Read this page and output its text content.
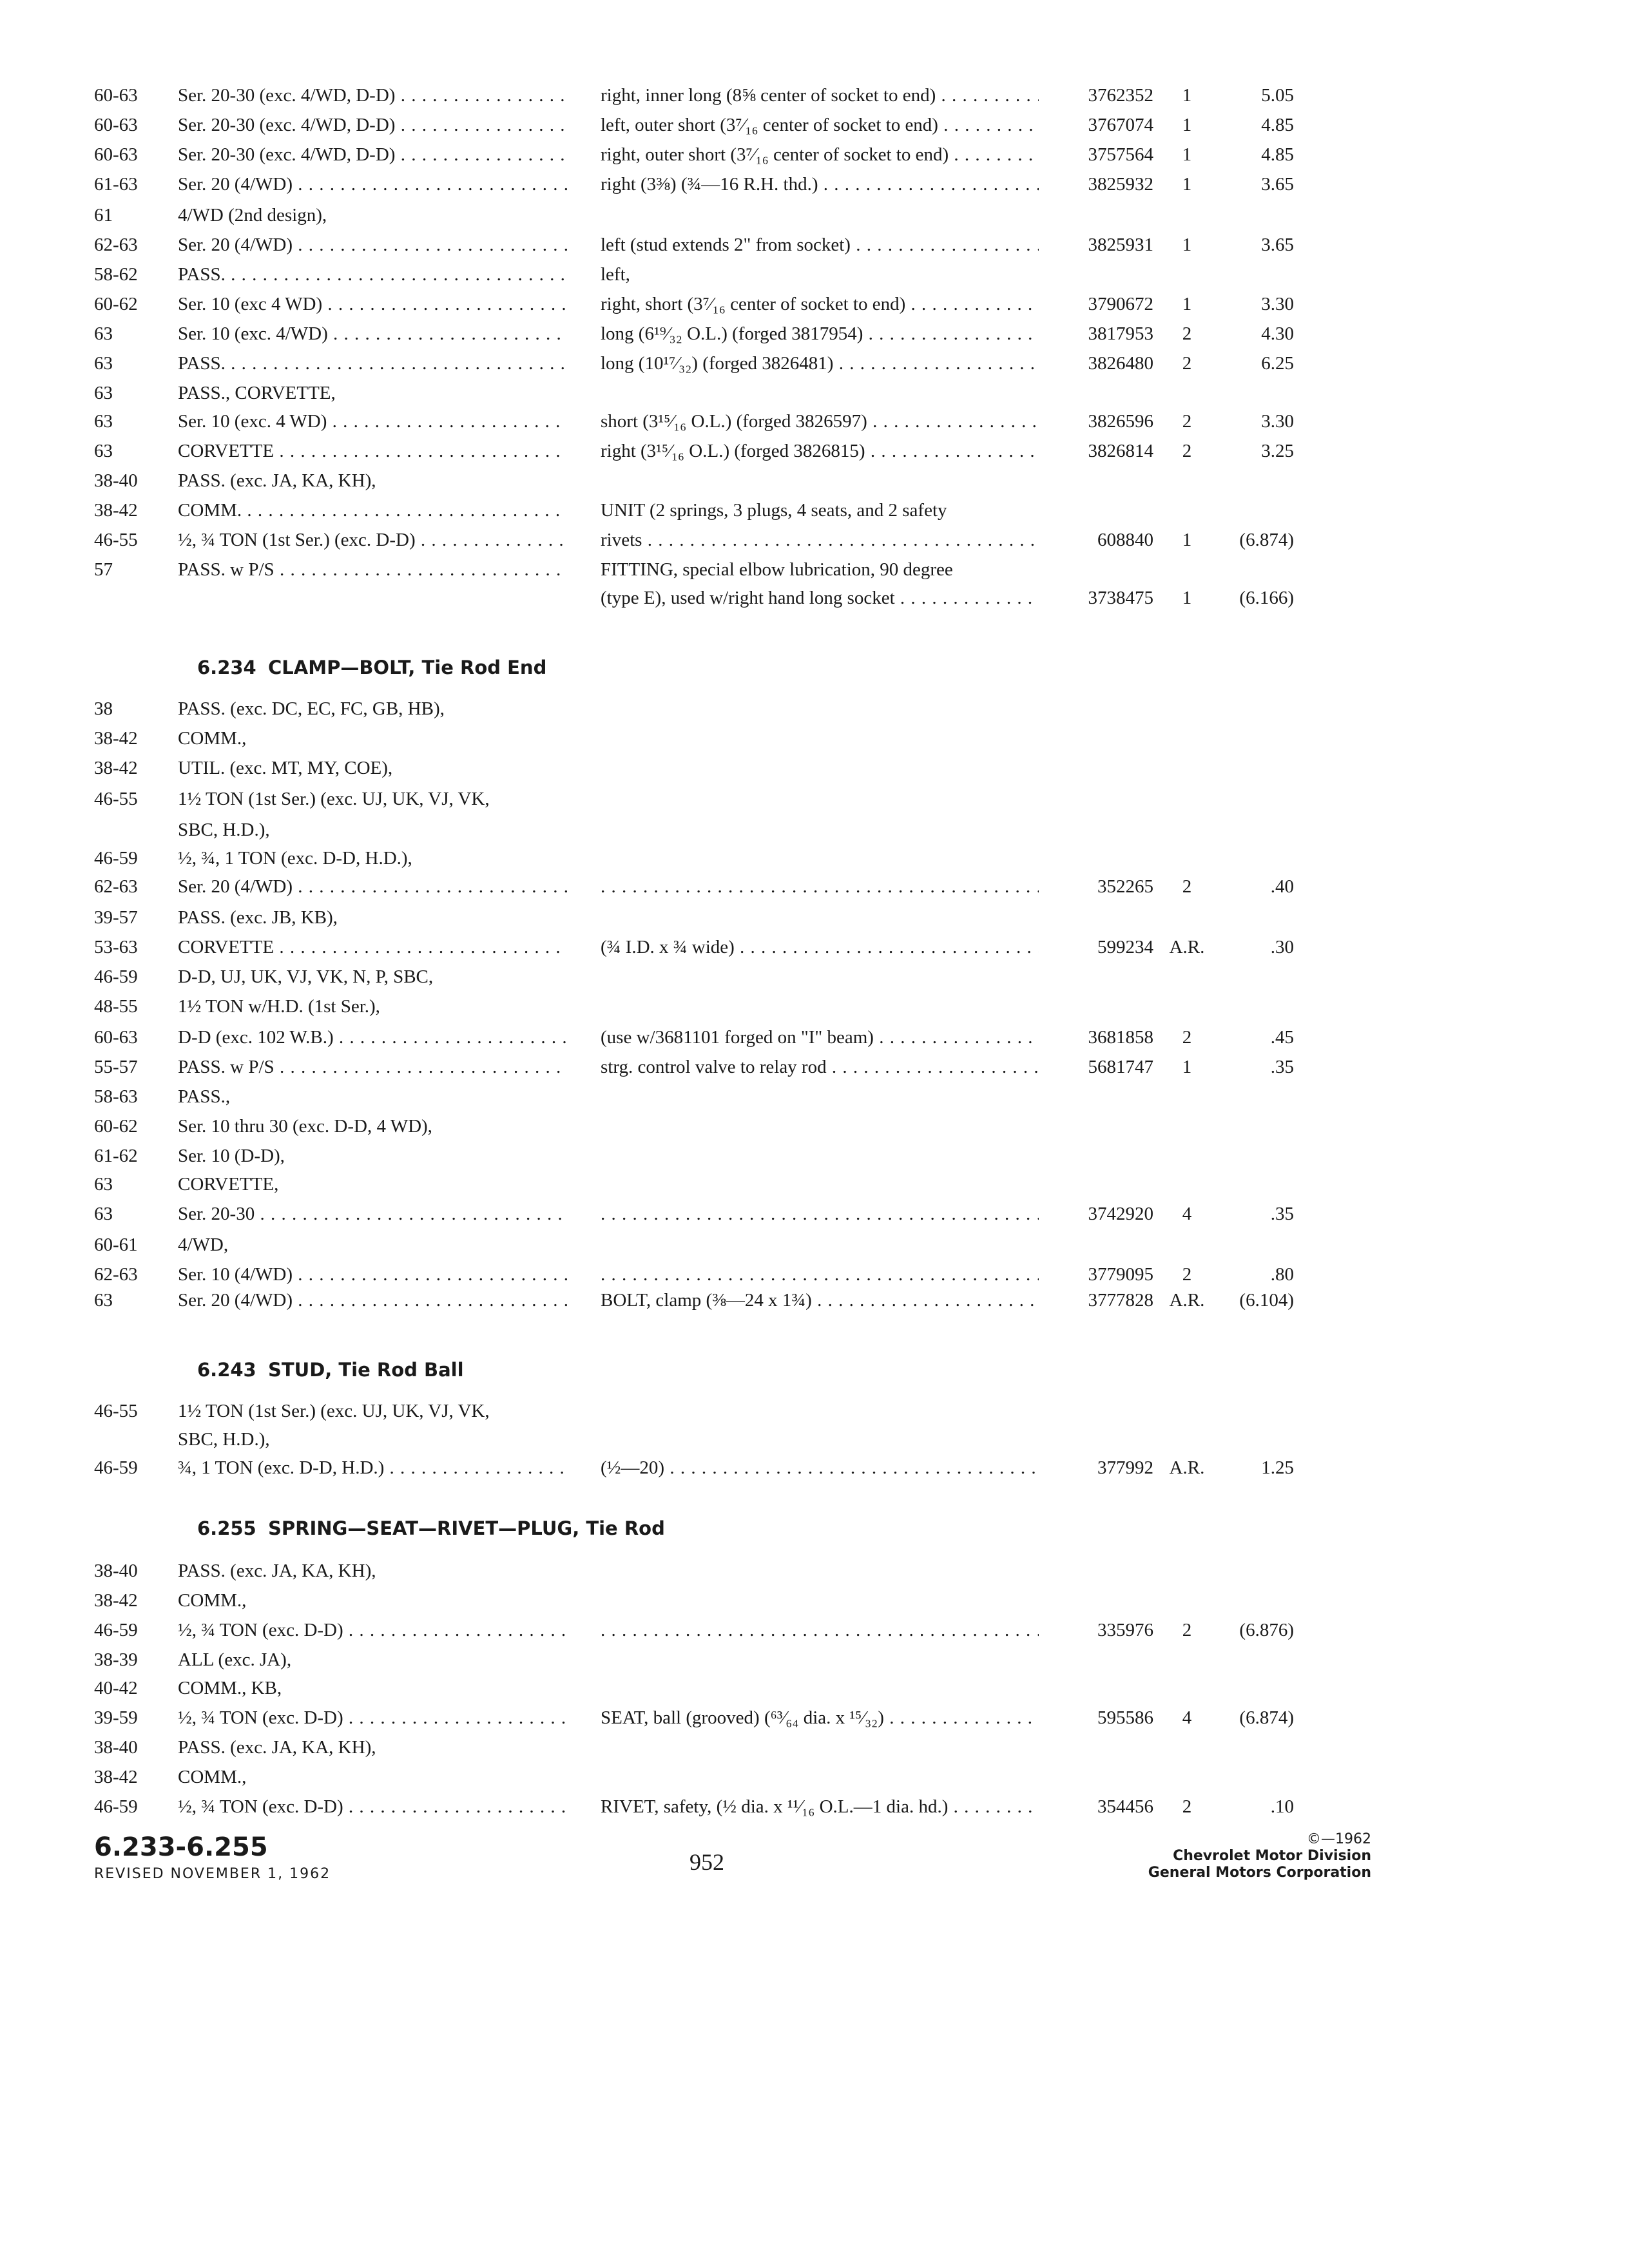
60-63	Ser. 20-30 (exc. 4/WD, D-D) . . .	right, inner long (8⅝ center of socket to end) . . .	3762352	1	5.05
60-63	Ser. 20-30 (exc. 4/WD, D-D) . . .	left, outer short (3⁷⁄₁₆ center of socket to end) . . .	3767074	1	4.85
60-63	Ser. 20-30 (exc. 4/WD, D-D) . . .	right, outer short (3⁷⁄₁₆ center of socket to end) . . .	3757564	1	4.85
61-63	Ser. 20 (4/WD) . . .	right (3⅜) (¾—16 R.H. thd.) . . .	3825932	1	3.65
61	4/WD (2nd design),
62-63	Ser. 20 (4/WD) . . .	left (stud extends 2" from socket) . . .	3825931	1	3.65
58-62	PASS. . . .	left,
60-62	Ser. 10 (exc 4 WD) . . .	right, short (3⁷⁄₁₆ center of socket to end) . . .	3790672	1	3.30
63	Ser. 10 (exc. 4/WD) . . .	long (6¹⁹⁄₃₂ O.L.) (forged 3817954) . . .	3817953	2	4.30
63	PASS. . . .	long (10¹⁷⁄₃₂) (forged 3826481) . . .	3826480	2	6.25
63	PASS., CORVETTE,
63	Ser. 10 (exc. 4 WD) . . .	short (3¹⁵⁄₁₆ O.L.) (forged 3826597) . . .	3826596	2	3.30
63	CORVETTE . . .	right (3¹⁵⁄₁₆ O.L.) (forged 3826815) . . .	3826814	2	3.25
38-40	PASS. (exc. JA, KA, KH),
38-42	COMM. . . .	UNIT (2 springs, 3 plugs, 4 seats, and 2 safety
46-55	½, ¾ TON (1st Ser.) (exc. D-D) . . .	rivets . . .	608840	1	(6.874)
57	PASS. w P/S . . .	FITTING, special elbow lubrication, 90 degree
(type E), used w/right hand long socket . . .	3738475	1	(6.166)
6.234 CLAMP—BOLT, Tie Rod End
38	PASS. (exc. DC, EC, FC, GB, HB),
38-42	COMM.,
38-42	UTIL. (exc. MT, MY, COE),
46-55	1½ TON (1st Ser.) (exc. UJ, UK, VJ, VK,
SBC, H.D.),
46-59	½, ¾, 1 TON (exc. D-D, H.D.),
62-63	Ser. 20 (4/WD) . . . . . .	352265	2	.40
39-57	PASS. (exc. JB, KB),
53-63	CORVETTE . . .	(¾ I.D. x ¾ wide) . . .	599234 A.R.	.30
46-59	D-D, UJ, UK, VJ, VK, N, P, SBC,
48-55	1½ TON w/H.D. (1st Ser.),
60-63	D-D (exc. 102 W.B.) . . .	(use w/3681101 forged on "I" beam) . . .	3681858	2	.45
55-57	PASS. w P/S . . .	strg. control valve to relay rod . . .	5681747	1	.35
58-63	PASS.,
60-62	Ser. 10 thru 30 (exc. D-D, 4 WD),
61-62	Ser. 10 (D-D),
63	CORVETTE,
63	Ser. 20-30 . . . . . .	3742920	4	.35
60-61	4/WD,
62-63	Ser. 10 (4/WD) . . . . . .	3779095	2	.80
63	Ser. 20 (4/WD) . . .	BOLT, clamp (⅜—24 x 1¾) . . .	3777828 A.R.	(6.104)
6.243 STUD, Tie Rod Ball
46-55	1½ TON (1st Ser.) (exc. UJ, UK, VJ, VK,
SBC, H.D.),
46-59	¾, 1 TON (exc. D-D, H.D.) . . .	(½—20) . . .	377992 A.R.	1.25
6.255 SPRING—SEAT—RIVET—PLUG, Tie Rod
38-40	PASS. (exc. JA, KA, KH),
38-42	COMM.,
46-59	½, ¾ TON (exc. D-D) . . . . . .	335976	2	(6.876)
38-39	ALL (exc. JA),
40-42	COMM., KB,
39-59	½, ¾ TON (exc. D-D) . . .	SEAT, ball (grooved) (⁶³⁄₆₄ dia. x ¹⁵⁄₃₂) . . .	595586	4	(6.874)
38-40	PASS. (exc. JA, KA, KH),
38-42	COMM.,
46-59	½, ¾ TON (exc. D-D) . . .	RIVET, safety, (½ dia. x ¹¹⁄₁₆ O.L.—1 dia. hd.) . . .	354456	2	.10
6.233-6.255
REVISED NOVEMBER 1, 1962	952
©—1962
Chevrolet Motor Division
General Motors Corporation
